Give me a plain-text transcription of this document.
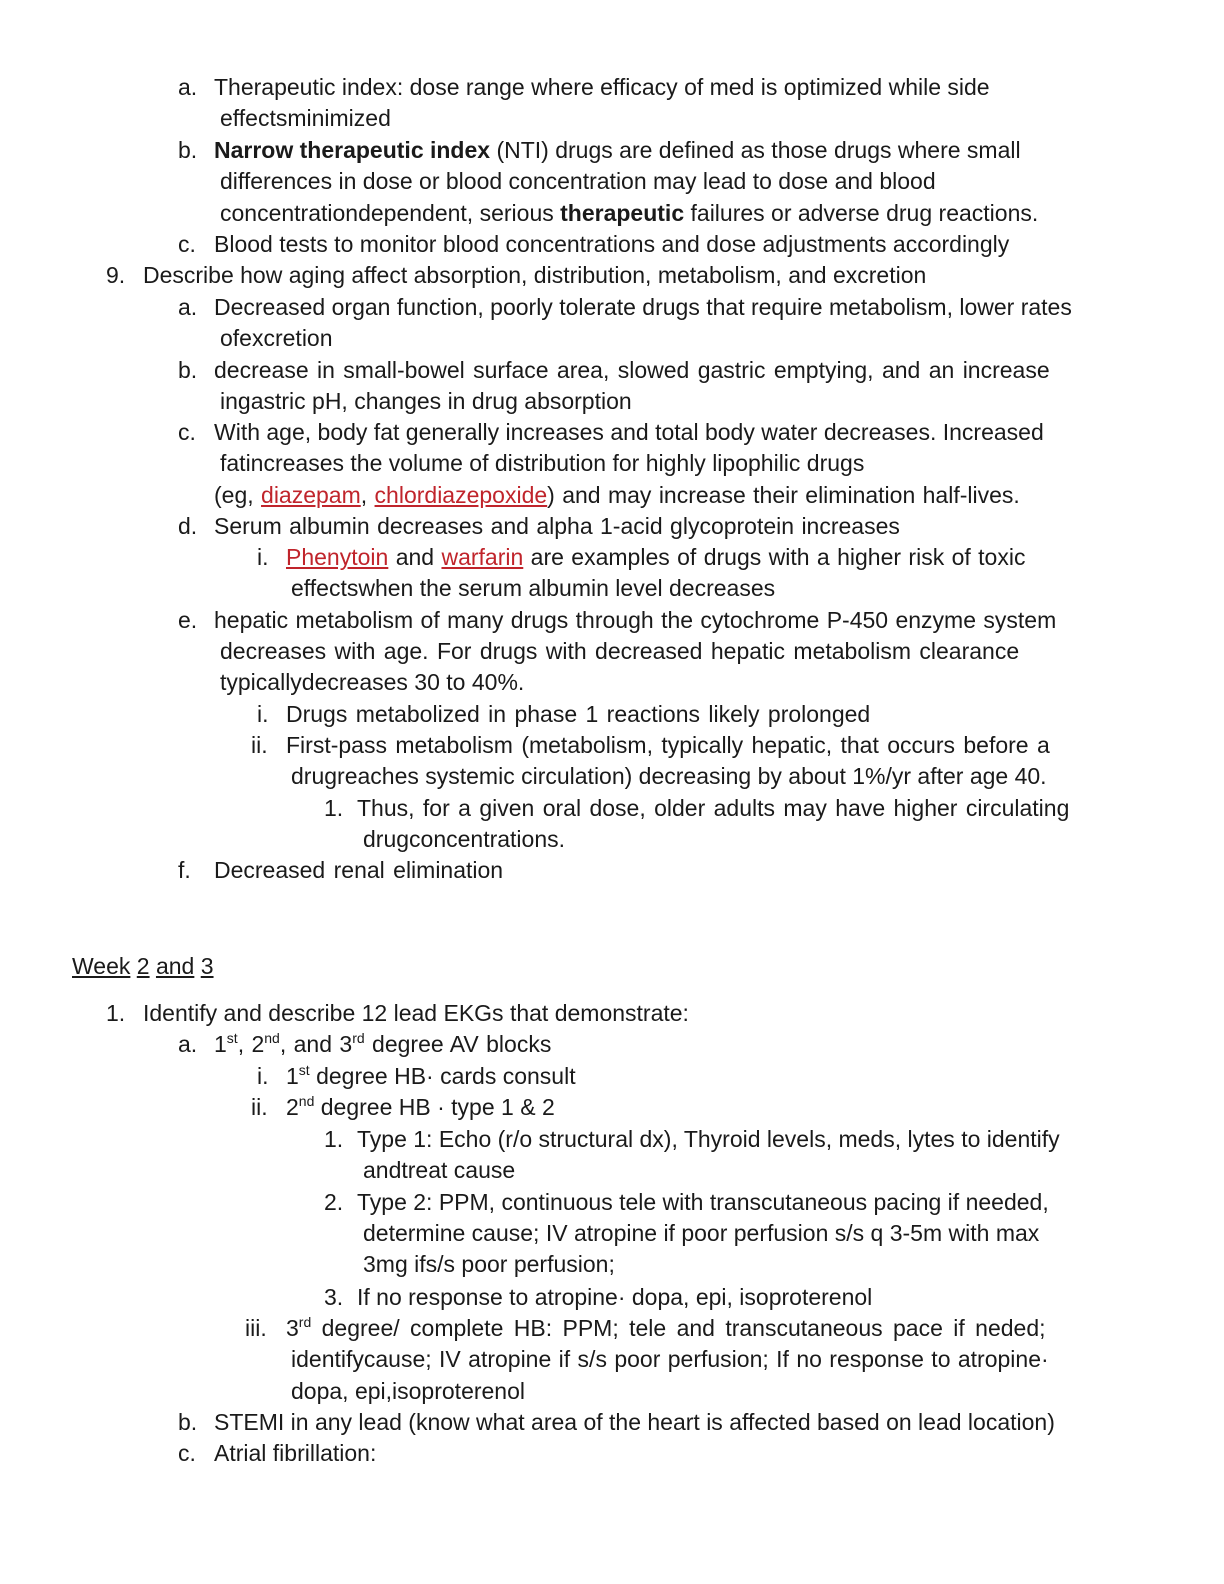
a. Therapeutic index: dose range where efficacy of med is optimized while side
effectsminimized
b. Narrow therapeutic index (NTI) drugs are defined as those drugs where small
differences in dose or blood concentration may lead to dose and blood
concentrationdependent, serious therapeutic failures or adverse drug reactions.
c. Blood tests to monitor blood concentrations and dose adjustments accordingly
9. Describe how aging affect absorption, distribution, metabolism, and excretion
a. Decreased organ function, poorly tolerate drugs that require metabolism, lower rates
ofexcretion
b. decrease in small-bowel surface area, slowed gastric emptying, and an increase
ingastric pH, changes in drug absorption
c. With age, body fat generally increases and total body water decreases. Increased
fatincreases the volume of distribution for highly lipophilic drugs
(eg, diazepam, chlordiazepoxide) and may increase their elimination half-lives.
d. Serum albumin decreases and alpha 1-acid glycoprotein increases
i. Phenytoin and warfarin are examples of drugs with a higher risk of toxic
effectswhen the serum albumin level decreases
e. hepatic metabolism of many drugs through the cytochrome P-450 enzyme system
decreases with age. For drugs with decreased hepatic metabolism clearance
typicallydecreases 30 to 40%.
i. Drugs metabolized in phase 1 reactions likely prolonged
ii. First-pass metabolism (metabolism, typically hepatic, that occurs before a
drugreaches systemic circulation) decreasing by about 1%/yr after age 40.
1. Thus, for a given oral dose, older adults may have higher circulating
drugconcentrations.
f. Decreased renal elimination
Week 2 and 3
1. Identify and describe 12 lead EKGs that demonstrate:
a. 1st, 2nd, and 3rd degree AV blocks
i. 1st degree HB· cards consult
ii. 2nd degree HB · type 1 & 2
1. Type 1: Echo (r/o structural dx), Thyroid levels, meds, lytes to identify
andtreat cause
2. Type 2: PPM, continuous tele with transcutaneous pacing if needed,
determine cause; IV atropine if poor perfusion s/s q 3-5m with max
3mg ifs/s poor perfusion;
3. If no response to atropine· dopa, epi, isoproterenol
iii. 3rd degree/ complete HB: PPM; tele and transcutaneous pace if neded;
identifycause; IV atropine if s/s poor perfusion; If no response to atropine·
dopa, epi,isoproterenol
b. STEMI in any lead (know what area of the heart is affected based on lead location)
c. Atrial fibrillation:
